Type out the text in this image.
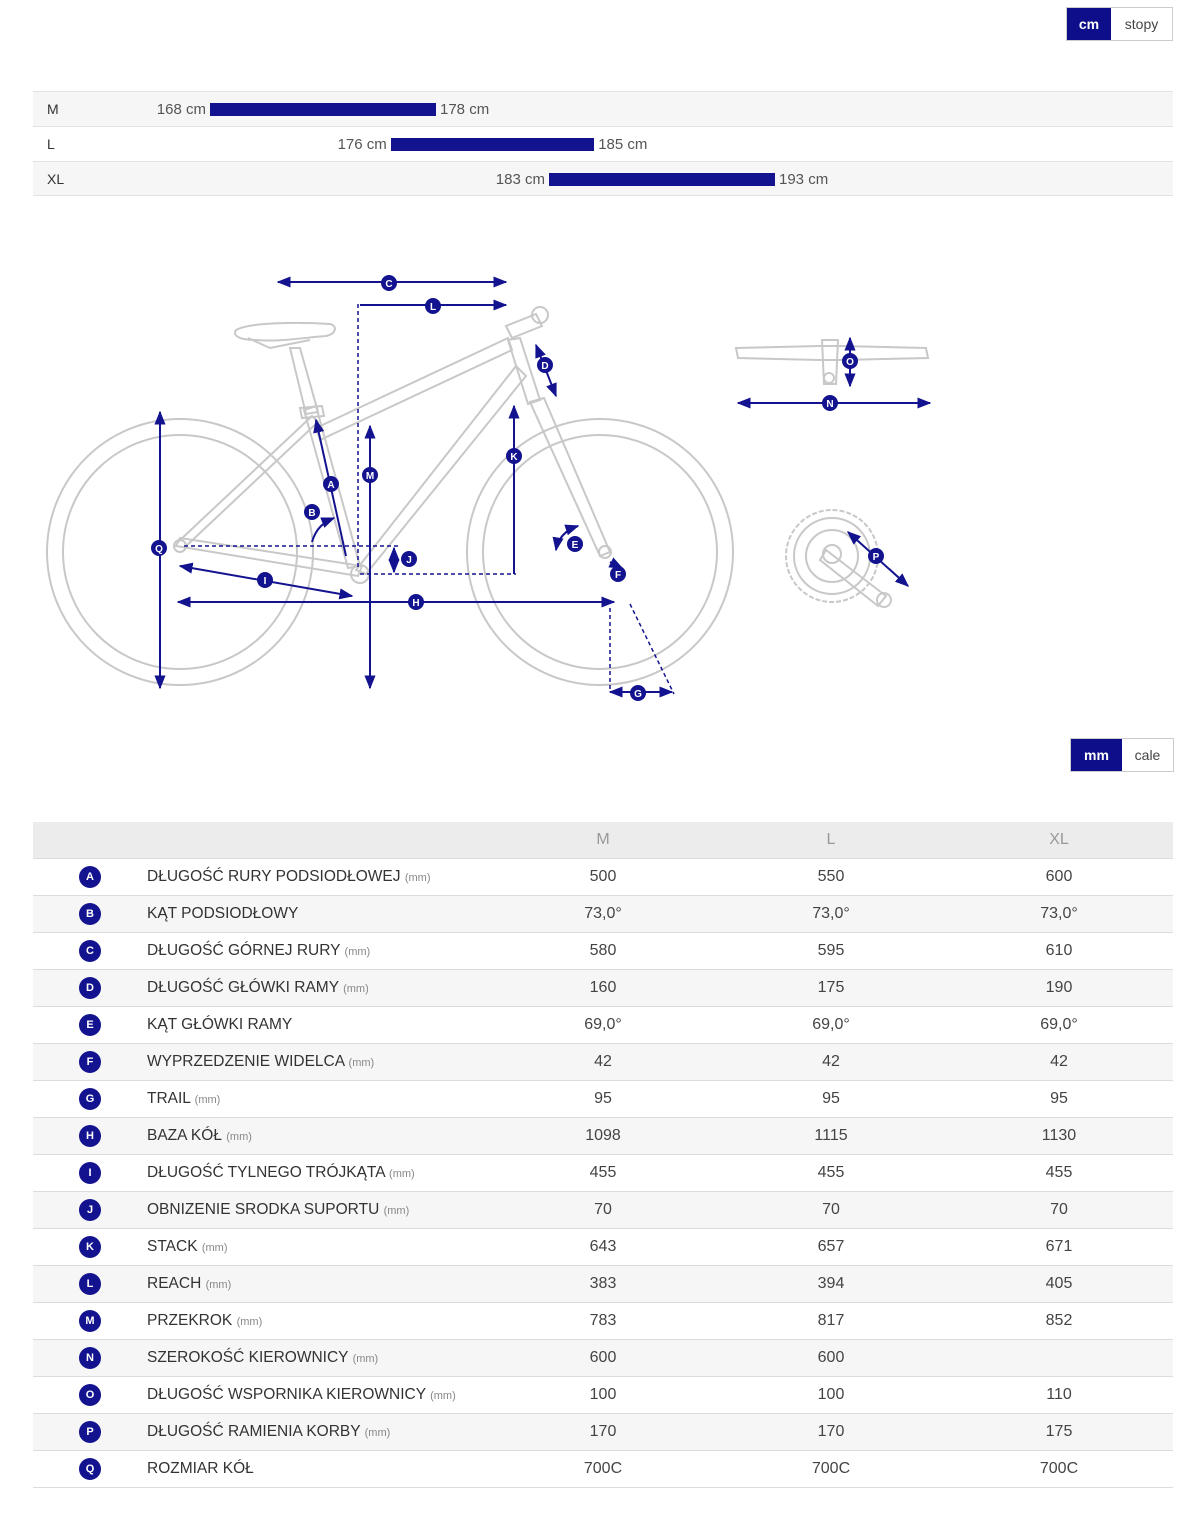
cm	stopy
M	168 cm	178 cm
L	176 cm	185 cm
XL	183 cm	193 cm
A
B
C
D
E
F
G
H
I
J
K
L
M
N
O
P
Q
mm	cale
		M	L	XL
A	DŁUGOŚĆ RURY PODSIODŁOWEJ (mm)	500	550	600
B	KĄT PODSIODŁOWY	73,0°	73,0°	73,0°
C	DŁUGOŚĆ GÓRNEJ RURY (mm)	580	595	610
D	DŁUGOŚĆ GŁÓWKI RAMY (mm)	160	175	190
E	KĄT GŁÓWKI RAMY	69,0°	69,0°	69,0°
F	WYPRZEDZENIE WIDELCA (mm)	42	42	42
G	TRAIL (mm)	95	95	95
H	BAZA KÓŁ (mm)	1098	1115	1130
I	DŁUGOŚĆ TYLNEGO TRÓJKĄTA (mm)	455	455	455
J	OBNIZENIE SRODKA SUPORTU (mm)	70	70	70
K	STACK (mm)	643	657	671
L	REACH (mm)	383	394	405
M	PRZEKROK (mm)	783	817	852
N	SZEROKOŚĆ KIEROWNICY (mm)	600	600	
O	DŁUGOŚĆ WSPORNIKA KIEROWNICY (mm)	100	100	110
P	DŁUGOŚĆ RAMIENIA KORBY (mm)	170	170	175
Q	ROZMIAR KÓŁ	700C	700C	700C
